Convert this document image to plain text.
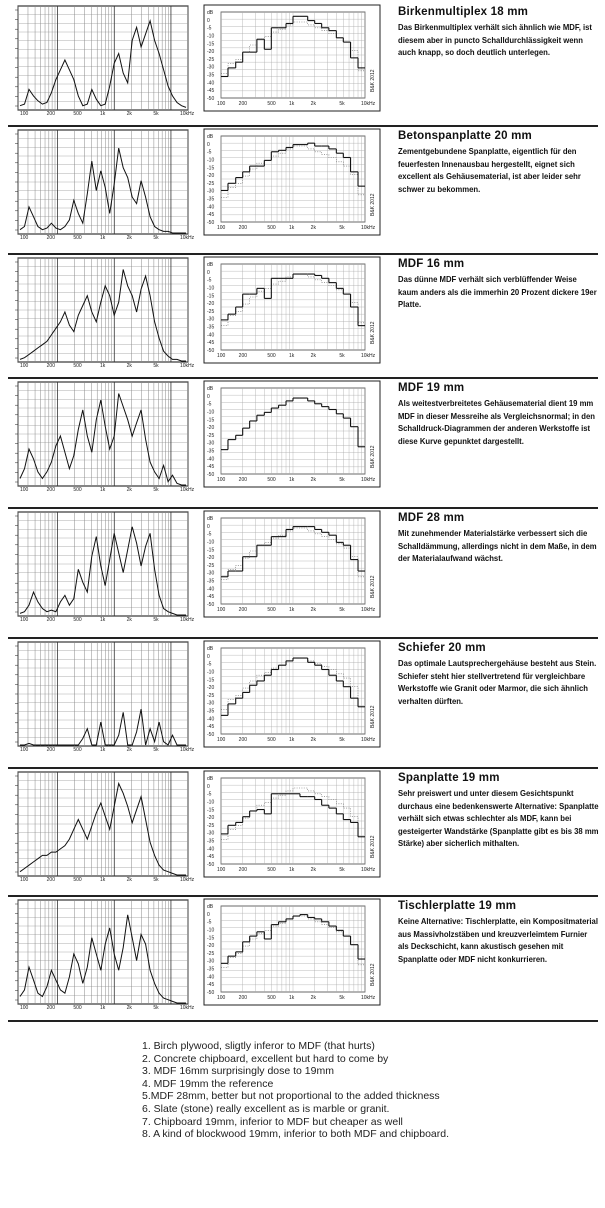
100	200	500	1k	2k	5k	10kHz
dB
0
-5
-10
-15
-20
-25
-30
-35
-40
-45
-50
100	200	500	1k	2k	5k	10kHz
B&K 2012
Birkenmultiplex 18 mm

Das Birkenmultiplex verhält sich ähnlich wie MDF, ist diesem aber in puncto Schalldurchlässigkeit wenn auch knapp, so doch deutlich unterlegen.

100	200	500	1k	2k	5k	10kHz
dB
0
-5
-10
-15
-20
-25
-30
-35
-40
-45
-50
100	200	500	1k	2k	5k	10kHz
B&K 2012
Betonspanplatte 20 mm

Zementgebundene Spanplatte, eigentlich für den feuerfesten Innenausbau hergestellt, eignet sich excellent als Gehäusematerial, ist aber leider sehr schwer zu bekommen.

100	200	500	1k	2k	5k	10kHz
dB
0
-5
-10
-15
-20
-25
-30
-35
-40
-45
-50
100	200	500	1k	2k	5k	10kHz
B&K 2012
MDF 16 mm

Das dünne MDF verhält sich verblüffender Weise kaum anders als die immerhin 20 Prozent dickere 19er Platte.

100	200	500	1k	2k	5k	10kHz
dB
0
-5
-10
-15
-20
-25
-30
-35
-40
-45
-50
100	200	500	1k	2k	5k	10kHz
B&K 2012
MDF 19 mm

Als weitestverbreitetes Gehäusematerial dient 19 mm MDF in dieser Messreihe als Vergleichsnormal; in den Schalldruck-Diagrammen der anderen Werkstoffe ist diese Kurve gepunktet dargestellt.

100	200	500	1k	2k	5k	10kHz
dB
0
-5
-10
-15
-20
-25
-30
-35
-40
-45
-50
100	200	500	1k	2k	5k	10kHz
B&K 2012
MDF 28 mm

Mit zunehmender Materialstärke verbessert sich die Schalldämmung, allerdings nicht in dem Maße, in dem der Materialaufwand wächst.

100	200	500	1k	2k	5k	10kHz
dB
0
-5
-10
-15
-20
-25
-30
-35
-40
-45
-50
100	200	500	1k	2k	5k	10kHz
B&K 2012
Schiefer 20 mm

Das optimale Lautsprechergehäuse besteht aus Stein. Schiefer steht hier stellvertretend für vergleichbare Werkstoffe wie Granit oder Marmor, die sich ähnlich verhalten dürften.

100	200	500	1k	2k	5k	10kHz
dB
0
-5
-10
-15
-20
-25
-30
-35
-40
-45
-50
100	200	500	1k	2k	5k	10kHz
B&K 2012
Spanplatte 19 mm

Sehr preiswert und unter diesem Gesichtspunkt durchaus eine bedenkenswerte Alternative: Spanplatte verhält sich etwas schlechter als MDF, kann bei gesteigerter Wandstärke (Spanplatte gibt es bis 38 mm Stärke) aber sicherlich mithalten.

100	200	500	1k	2k	5k	10kHz
dB
0
-5
-10
-15
-20
-25
-30
-35
-40
-45
-50
100	200	500	1k	2k	5k	10kHz
B&K 2012
Tischlerplatte 19 mm

Keine Alternative: Tischlerplatte, ein Kompositmaterial aus Massivholzstäben und kreuzverleimtem Furnier als Deckschicht, kann akustisch gesehen mit Spanplatte oder MDF nicht konkurrieren.

1. Birch plywood, sligtly inferor to MDF (that hurts)
2. Concrete chipboard, excellent but hard to come by
3. MDF 16mm surprisingly dose to 19mm
4. MDF 19mm the reference
5.MDF 28mm, better but not proportional to the added thickness
6. Slate (stone) really excellent as is marble or granit.
7. Chipboard 19mm, inferior to MDF but cheaper as well
8. A kind of blockwood 19mm, inferior to both MDF and chipboard.
